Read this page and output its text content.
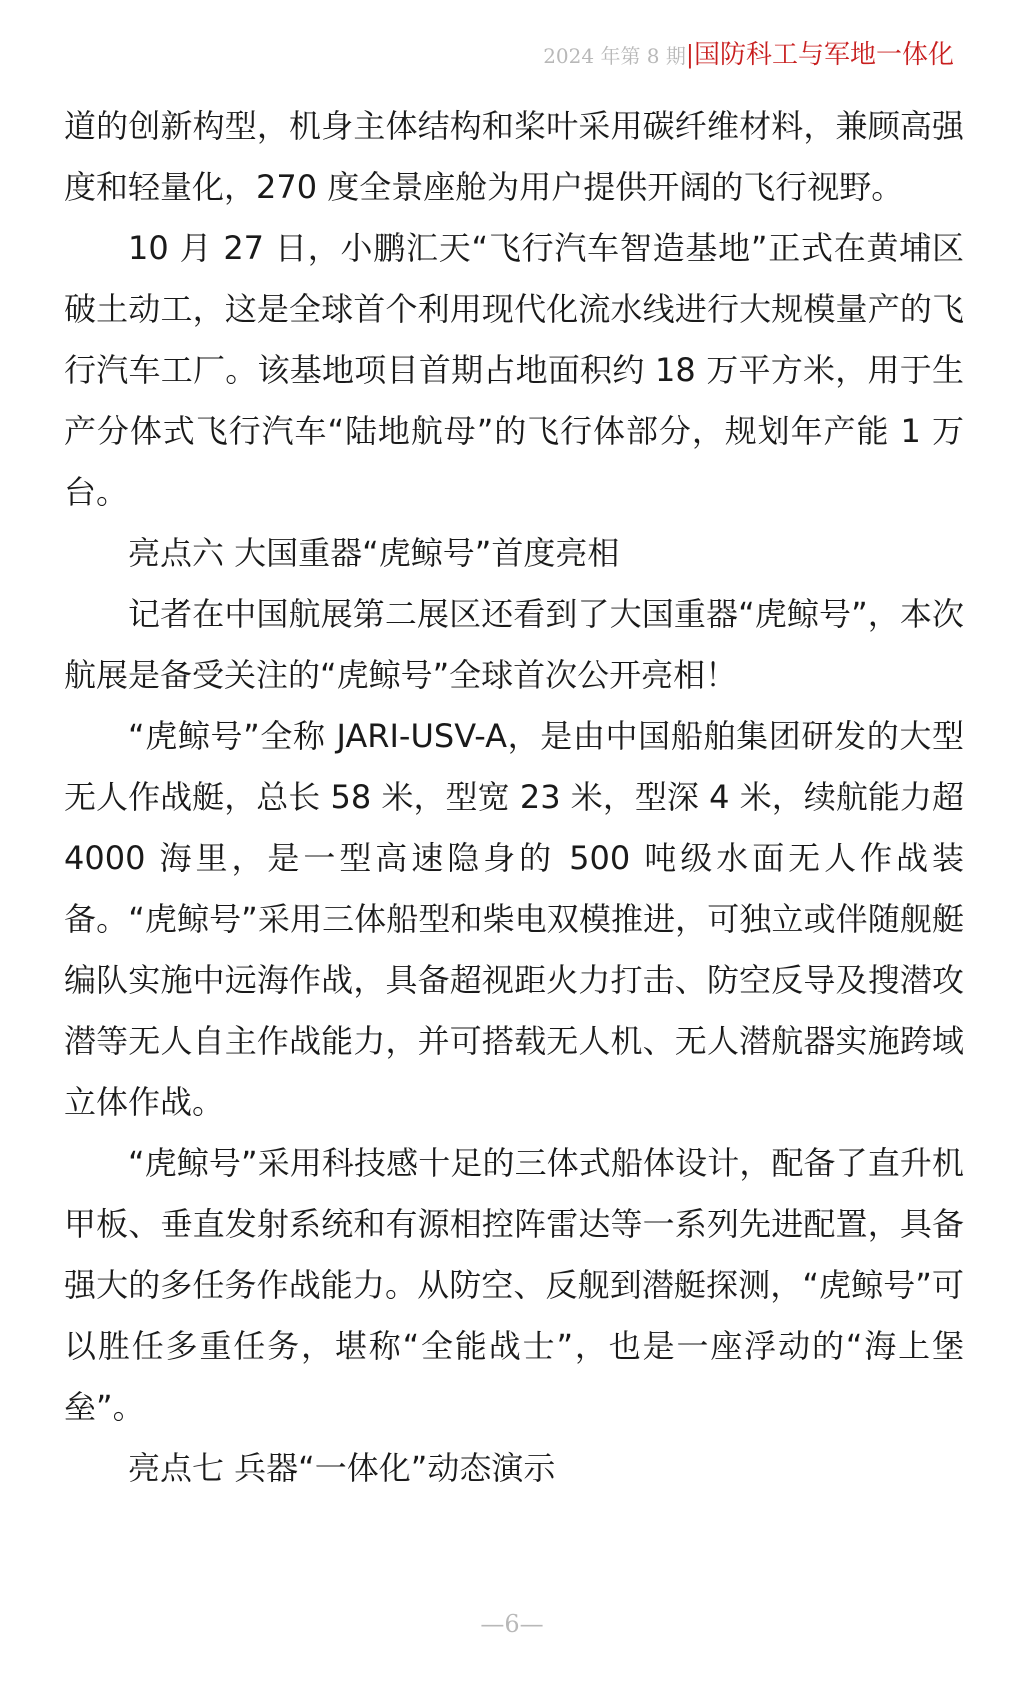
2024 年第 8 期|国防科工与军地一体化

道的创新构型，机身主体结构和桨叶采用碳纤维材料，兼顾高强度和轻量化，270 度全景座舱为用户提供开阔的飞行视野。

10 月 27 日，小鹏汇天“飞行汽车智造基地”正式在黄埔区破土动工，这是全球首个利用现代化流水线进行大规模量产的飞行汽车工厂。该基地项目首期占地面积约 18 万平方米，用于生产分体式飞行汽车“陆地航母”的飞行体部分，规划年产能 1 万台。

亮点六 大国重器“虎鲸号”首度亮相

记者在中国航展第二展区还看到了大国重器“虎鲸号”，本次航展是备受关注的“虎鲸号”全球首次公开亮相！

“虎鲸号”全称 JARI-USV-A，是由中国船舶集团研发的大型无人作战艇，总长 58 米，型宽 23 米，型深 4 米，续航能力超 4000 海里，是一型高速隐身的 500 吨级水面无人作战装备。“虎鲸号”采用三体船型和柴电双模推进，可独立或伴随舰艇编队实施中远海作战，具备超视距火力打击、防空反导及搜潜攻潜等无人自主作战能力，并可搭载无人机、无人潜航器实施跨域立体作战。

“虎鲸号”采用科技感十足的三体式船体设计，配备了直升机甲板、垂直发射系统和有源相控阵雷达等一系列先进配置，具备强大的多任务作战能力。从防空、反舰到潜艇探测，“虎鲸号”可以胜任多重任务，堪称“全能战士”，也是一座浮动的“海上堡垒”。

亮点七 兵器“一体化”动态演示

—6—
